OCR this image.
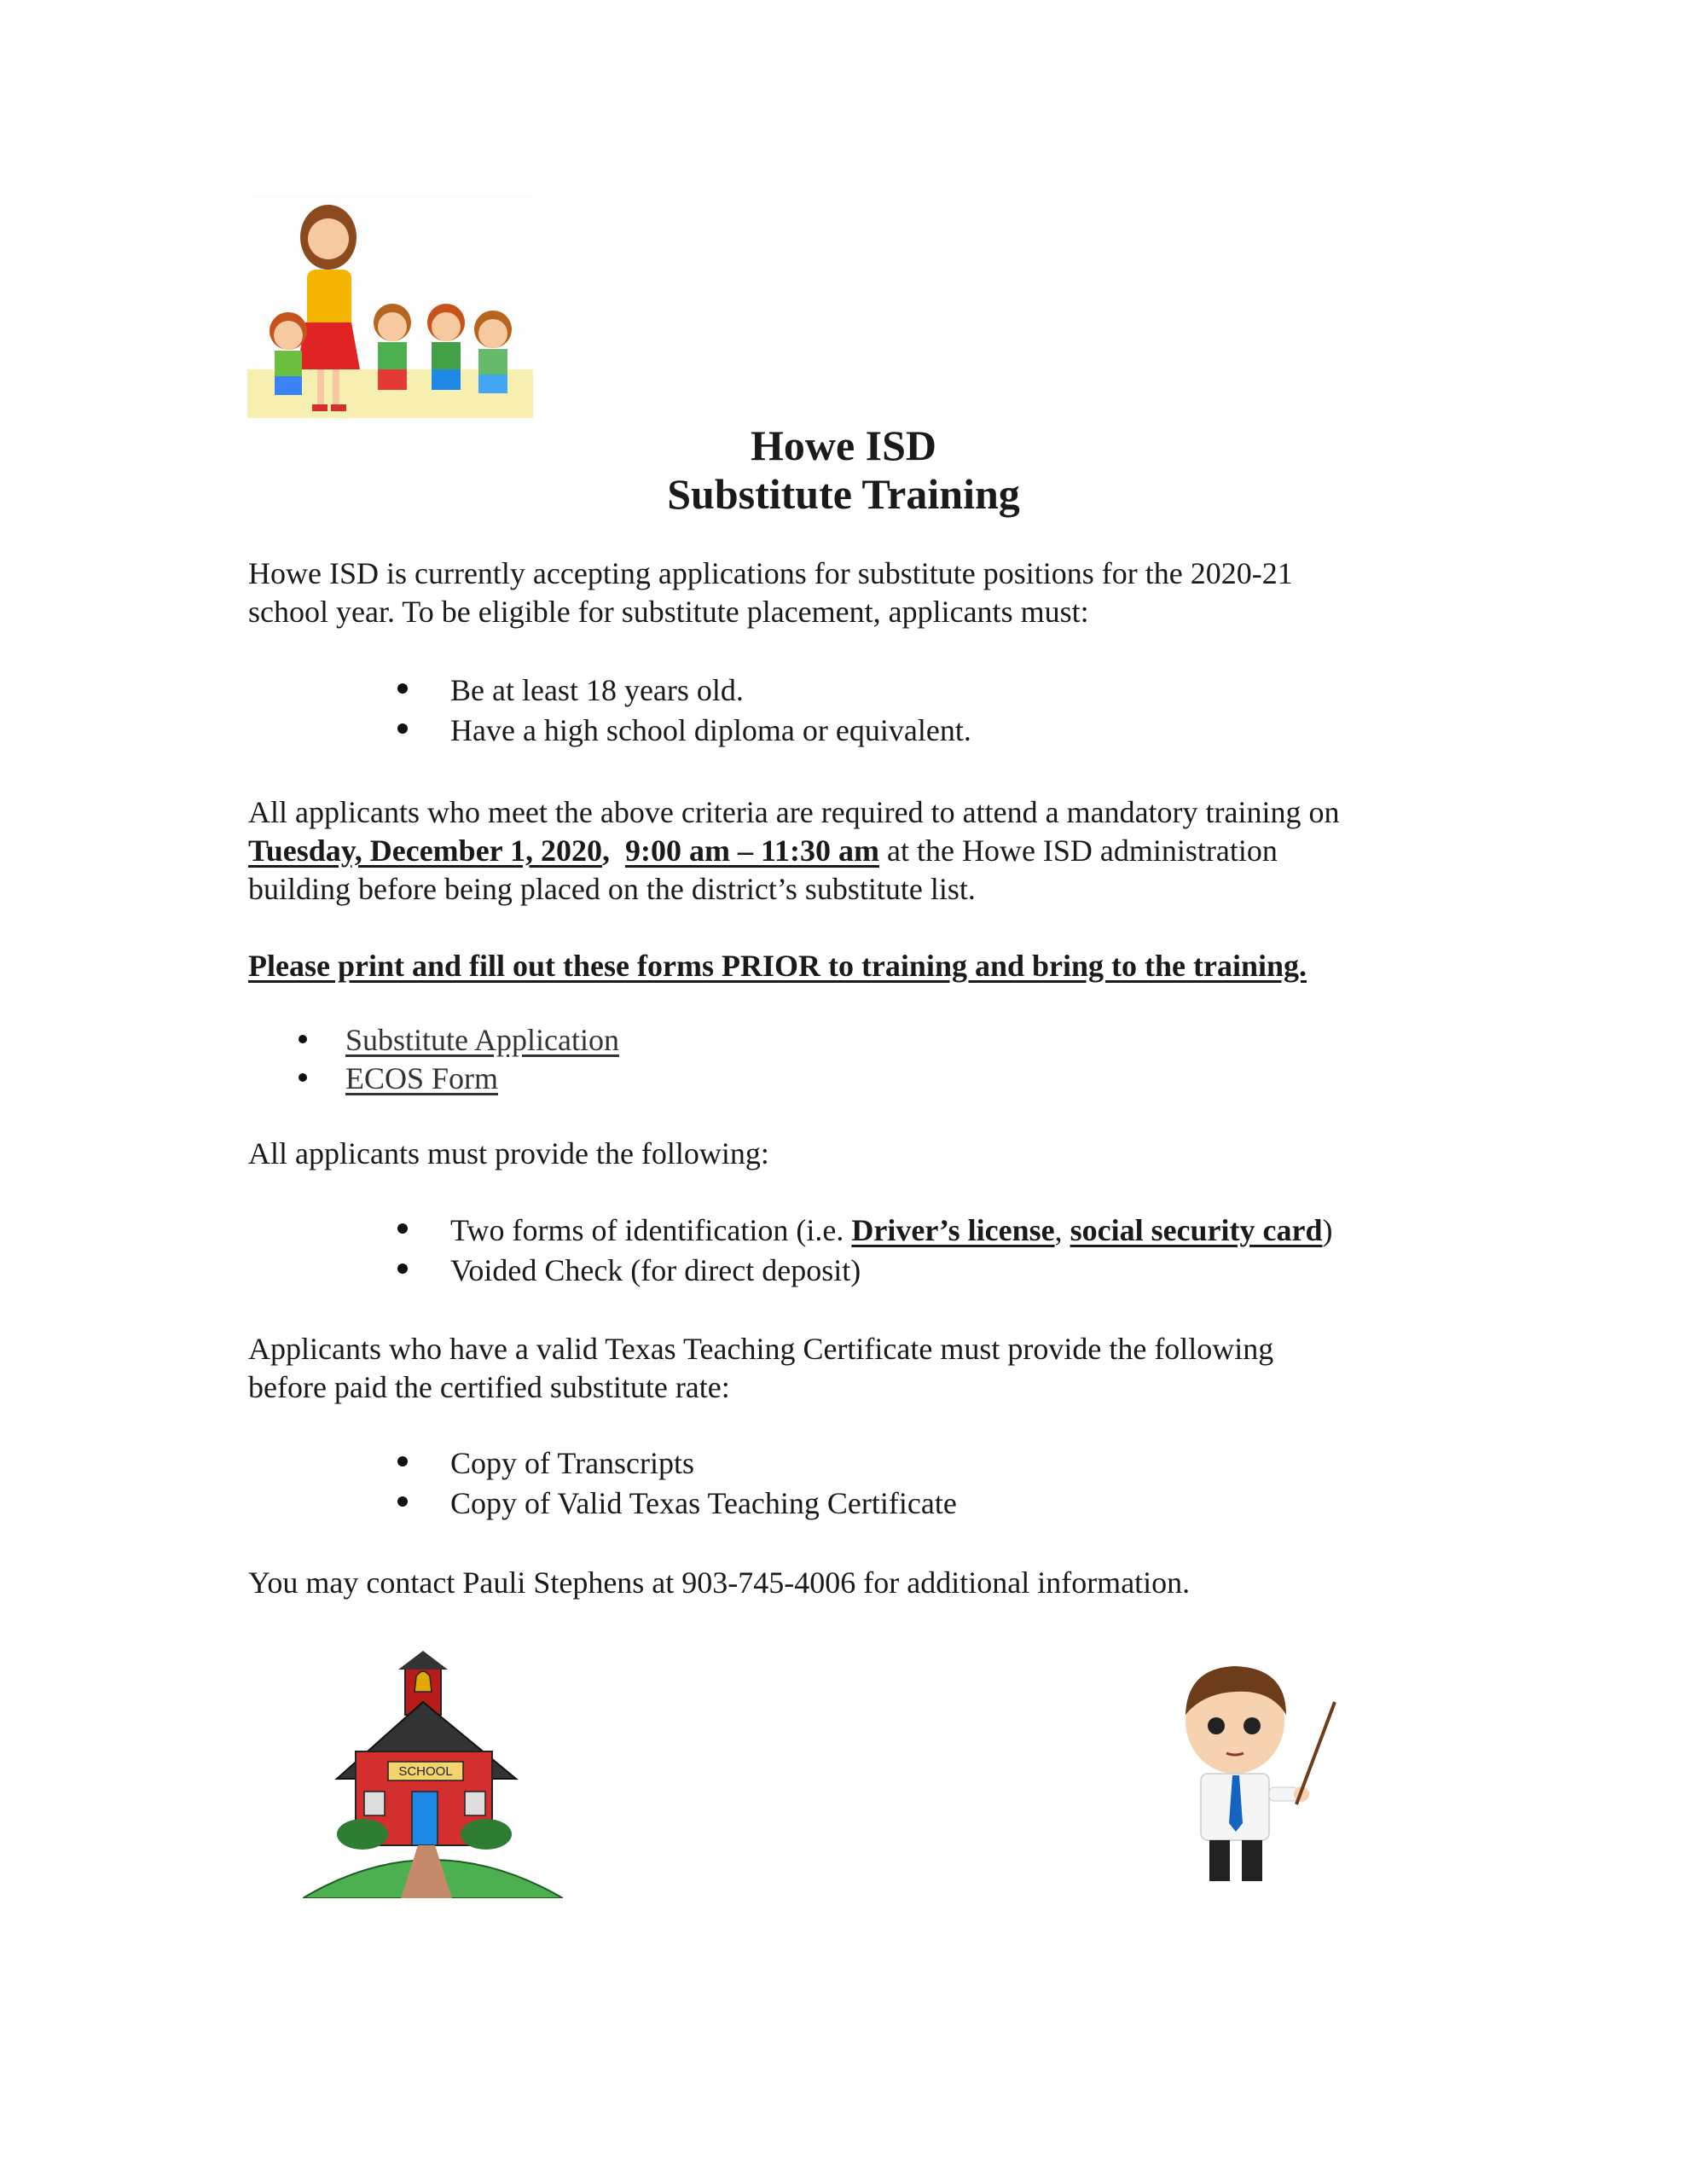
Howe ISD
Substitute Training
Howe ISD is currently accepting applications for substitute positions for the 2020-21
school year. To be eligible for substitute placement, applicants must:
Be at least 18 years old.
Have a high school diploma or equivalent.
All applicants who meet the above criteria are required to attend a mandatory training on
Tuesday, December 1, 2020, 9:00 am – 11:30 am at the Howe ISD administration
building before being placed on the district’s substitute list.
Please print and fill out these forms PRIOR to training and bring to the training.
Substitute Application
ECOS Form
All applicants must provide the following:
Two forms of identification (i.e. Driver’s license, social security card)
Voided Check (for direct deposit)
Applicants who have a valid Texas Teaching Certificate must provide the following
before paid the certified substitute rate:
Copy of Transcripts
Copy of Valid Texas Teaching Certificate
You may contact Pauli Stephens at 903-745-4006 for additional information.
SCHOOL
